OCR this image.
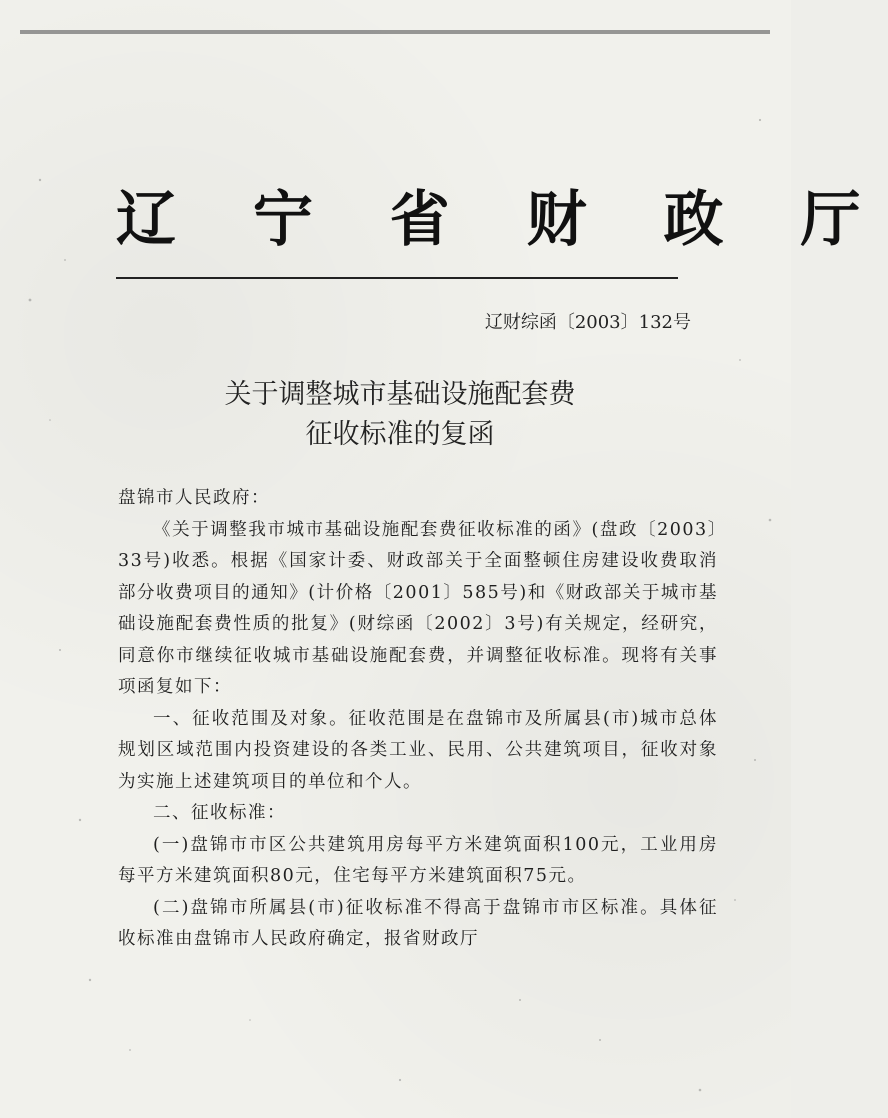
辽 宁 省 财 政 厅
辽财综函〔2003〕132号
关于调整城市基础设施配套费
征收标准的复函

盘锦市人民政府：

《关于调整我市城市基础设施配套费征收标准的函》(盘政〔2003〕33号)收悉。根据《国家计委、财政部关于全面整顿住房建设收费取消部分收费项目的通知》(计价格〔2001〕585号)和《财政部关于城市基础设施配套费性质的批复》(财综函〔2002〕3号)有关规定，经研究，同意你市继续征收城市基础设施配套费，并调整征收标准。现将有关事项函复如下：

一、征收范围及对象。征收范围是在盘锦市及所属县(市)城市总体规划区域范围内投资建设的各类工业、民用、公共建筑项目，征收对象为实施上述建筑项目的单位和个人。

二、征收标准：

(一)盘锦市市区公共建筑用房每平方米建筑面积100元，工业用房每平方米建筑面积80元，住宅每平方米建筑面积75元。

(二)盘锦市所属县(市)征收标准不得高于盘锦市市区标准。具体征收标准由盘锦市人民政府确定，报省财政厅
